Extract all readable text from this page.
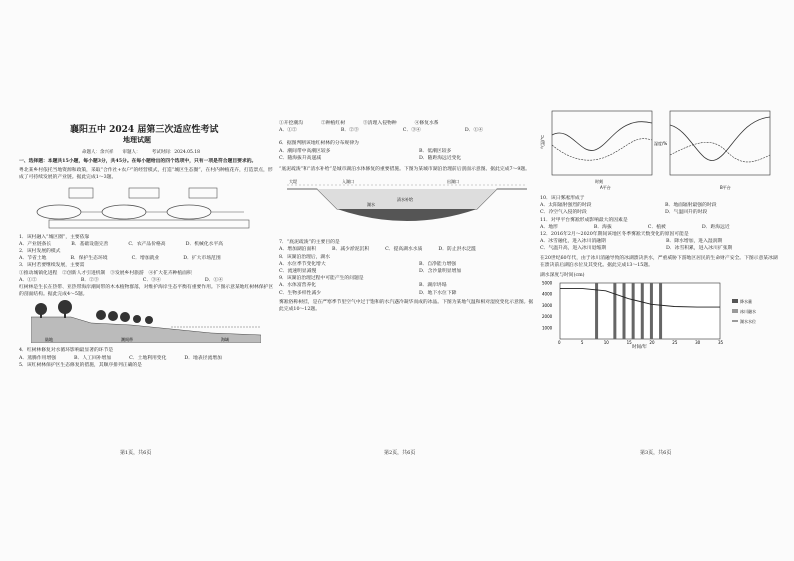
襄阳五中 2024 届第三次适应性考试
地理试题
命题人：余兴祥　　审题人：　　　考试时间：2024.05.18
一、选择题：本题共15小题，每小题3分，共45分。在每小题给出的四个选项中，只有一项是符合题目要求的。
粤北某乡村依托当地资源和政策，采取“合作社+农户”的经营模式，打造“城区生态圈”，在村内种植花卉，打造景点，形成了可持续发展的产业链。据此完成1～3题。
1．该村融入“城区圈”，主要依靠
A．产业链条长	B．基础设施完善	C．农产品价格高	D．机械化水平高
2．该村发展的模式
A．节省土地	B．保护生态环境	C．增加就业	D．扩大市场范围
3．该村若要继续发展，主要需
①推动城镇化进程　②创新人才引进机制　③发展乡村旅游　④扩大花卉种植面积
A．①②	B．②③	C．③④	D．①④
红树林是生长在热带、亚热带海岸潮间带的木本植物群落，对维护海岸生态平衡有重要作用。下图示意某地红树林保护区的剖面结构。据此完成4～5题。
陆地	潮间带	海域
4．红树林修复对水循环影响最显著的环节是
A．蒸腾作用增强	B．人工回补增加	C．土地利用变化	D．地表径流增加
5．该红树林保护区生态修复的措施，其顺序排列正确的是
第1页，共6页
①开挖潮沟	②种植红树	③清理入侵物种	④修复水系
A．①②	B．②③	C．③④	D．①④
6．据图判断该地红树林的分布规律为
A．潮间带中高潮区较多	B．低潮区较多
C．随海拔升高递减	D．随距海远近变化
“底泥疏浚”和“清水补给”是城市湖泊水体修复的重要措施。下图为某城市湖泊治理前后剖面示意图。据此完成7～9题。
大堤	入湖口	出湖口
清水补给
底泥
湖水
7．“底泥疏浚”的主要目的是
A．增加湖泊面积	B．减少淤泥沉积	C．提高湖水水质	D．防止洪水泛滥
8．该湖泊治理后，湖水
A．水位季节变化增大	B．自净能力增强
C．流速明显减慢	D．含沙量明显增加
9．该湖泊治理过程中可能产生的问题是
A．水体富营养化	B．湖岸坍塌
C．生物多样性减少	D．地下水位下降
雾凇俗称树挂，是在严寒季节里空气中过于饱和的水汽遇冷凝华而成的冰晶。下图为某地气温和相对湿度变化示意图。据此完成10～12题。
第2页，共6页
气温/℃	湿度/%
时刻
A平台	B平台
10．该日雾凇形成于
A．太阳辐射强烈的时段	B．地面辐射最强的时段
C．冷空气入侵的时段	D．气温回升的时段
11．对甲平台雾凇形成影响最大的因素是
A．地形	B．海拔	C．植被	D．距海远近
12．2016年2月～2020年期间该地区冬季雾凇天数变化的原因可能是
A．冰雪融化，进入冰川消融期	B．降水增加，进入湿润期
C．气温升高，进入冰川退缩期	D．冰雪积累，进入冰川扩张期
在20世纪60年代，由于冰川消融导致的冰湖溃决洪水，严重威胁下游地区居民的生命财产安全。下图示意某冰湖在溃决前后湖泊水位及其变化。据此完成13～15题。
湖水深度与时间(cm)
0	5	10	15	20	25	30	35
1000
2000
3000
4000
5000
降水量
冰川融水
湖水水位
时间/年
第3页，共6页
